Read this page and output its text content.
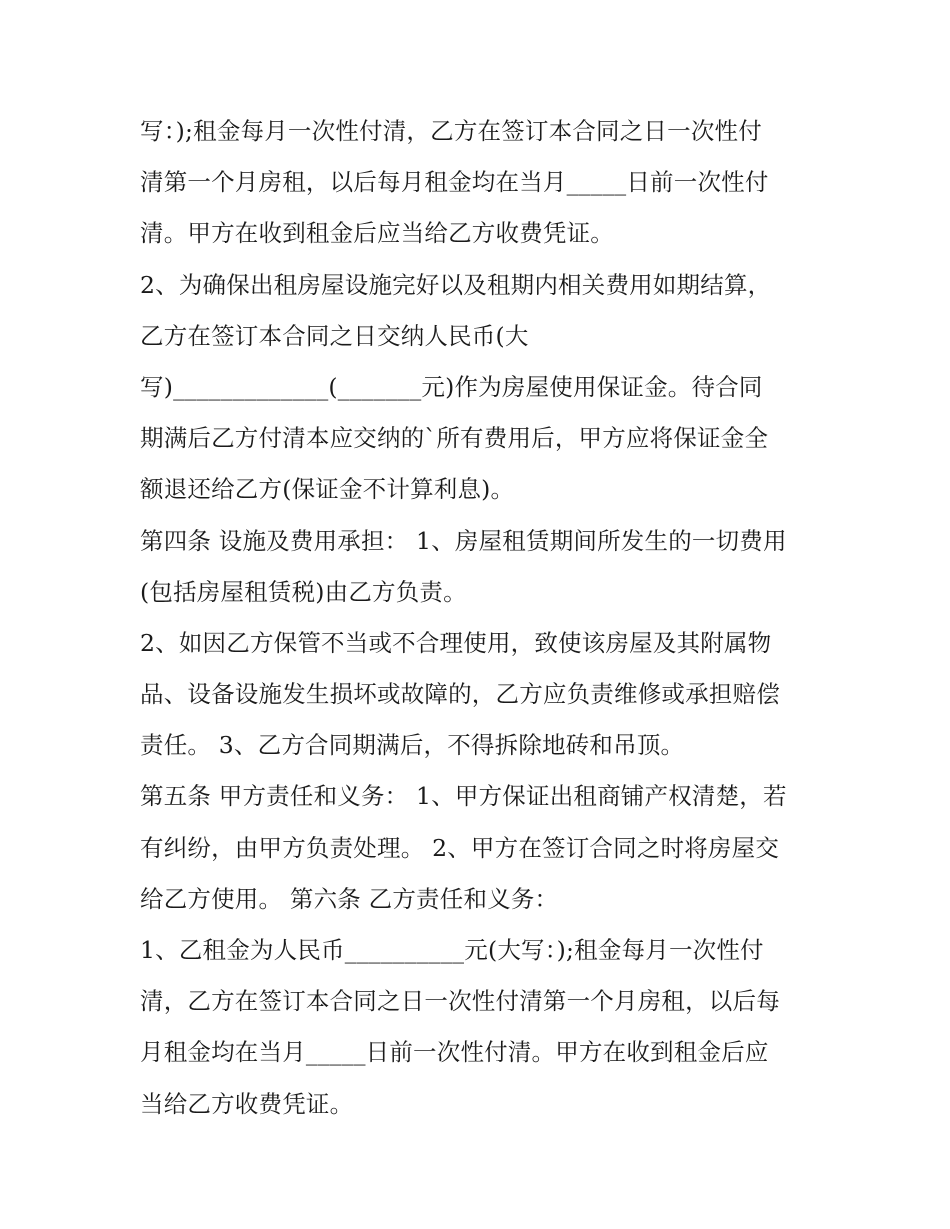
写：);租金每月一次性付清，乙方在签订本合同之日一次性付
清第一个月房租，以后每月租金均在当月_____日前一次性付
清。甲方在收到租金后应当给乙方收费凭证。
2、为确保出租房屋设施完好以及租期内相关费用如期结算，
乙方在签订本合同之日交纳人民币(大
写)_____________(_______元)作为房屋使用保证金。待合同
期满后乙方付清本应交纳的`所有费用后，甲方应将保证金全
额退还给乙方(保证金不计算利息)。
第四条 设施及费用承担： 1、房屋租赁期间所发生的一切费用
(包括房屋租赁税)由乙方负责。
2、如因乙方保管不当或不合理使用，致使该房屋及其附属物
品、设备设施发生损坏或故障的，乙方应负责维修或承担赔偿
责任。 3、乙方合同期满后，不得拆除地砖和吊顶。
第五条 甲方责任和义务： 1、甲方保证出租商铺产权清楚，若
有纠纷，由甲方负责处理。 2、甲方在签订合同之时将房屋交
给乙方使用。 第六条 乙方责任和义务：
1、乙租金为人民币__________元(大写：);租金每月一次性付
清，乙方在签订本合同之日一次性付清第一个月房租，以后每
月租金均在当月_____日前一次性付清。甲方在收到租金后应
当给乙方收费凭证。
